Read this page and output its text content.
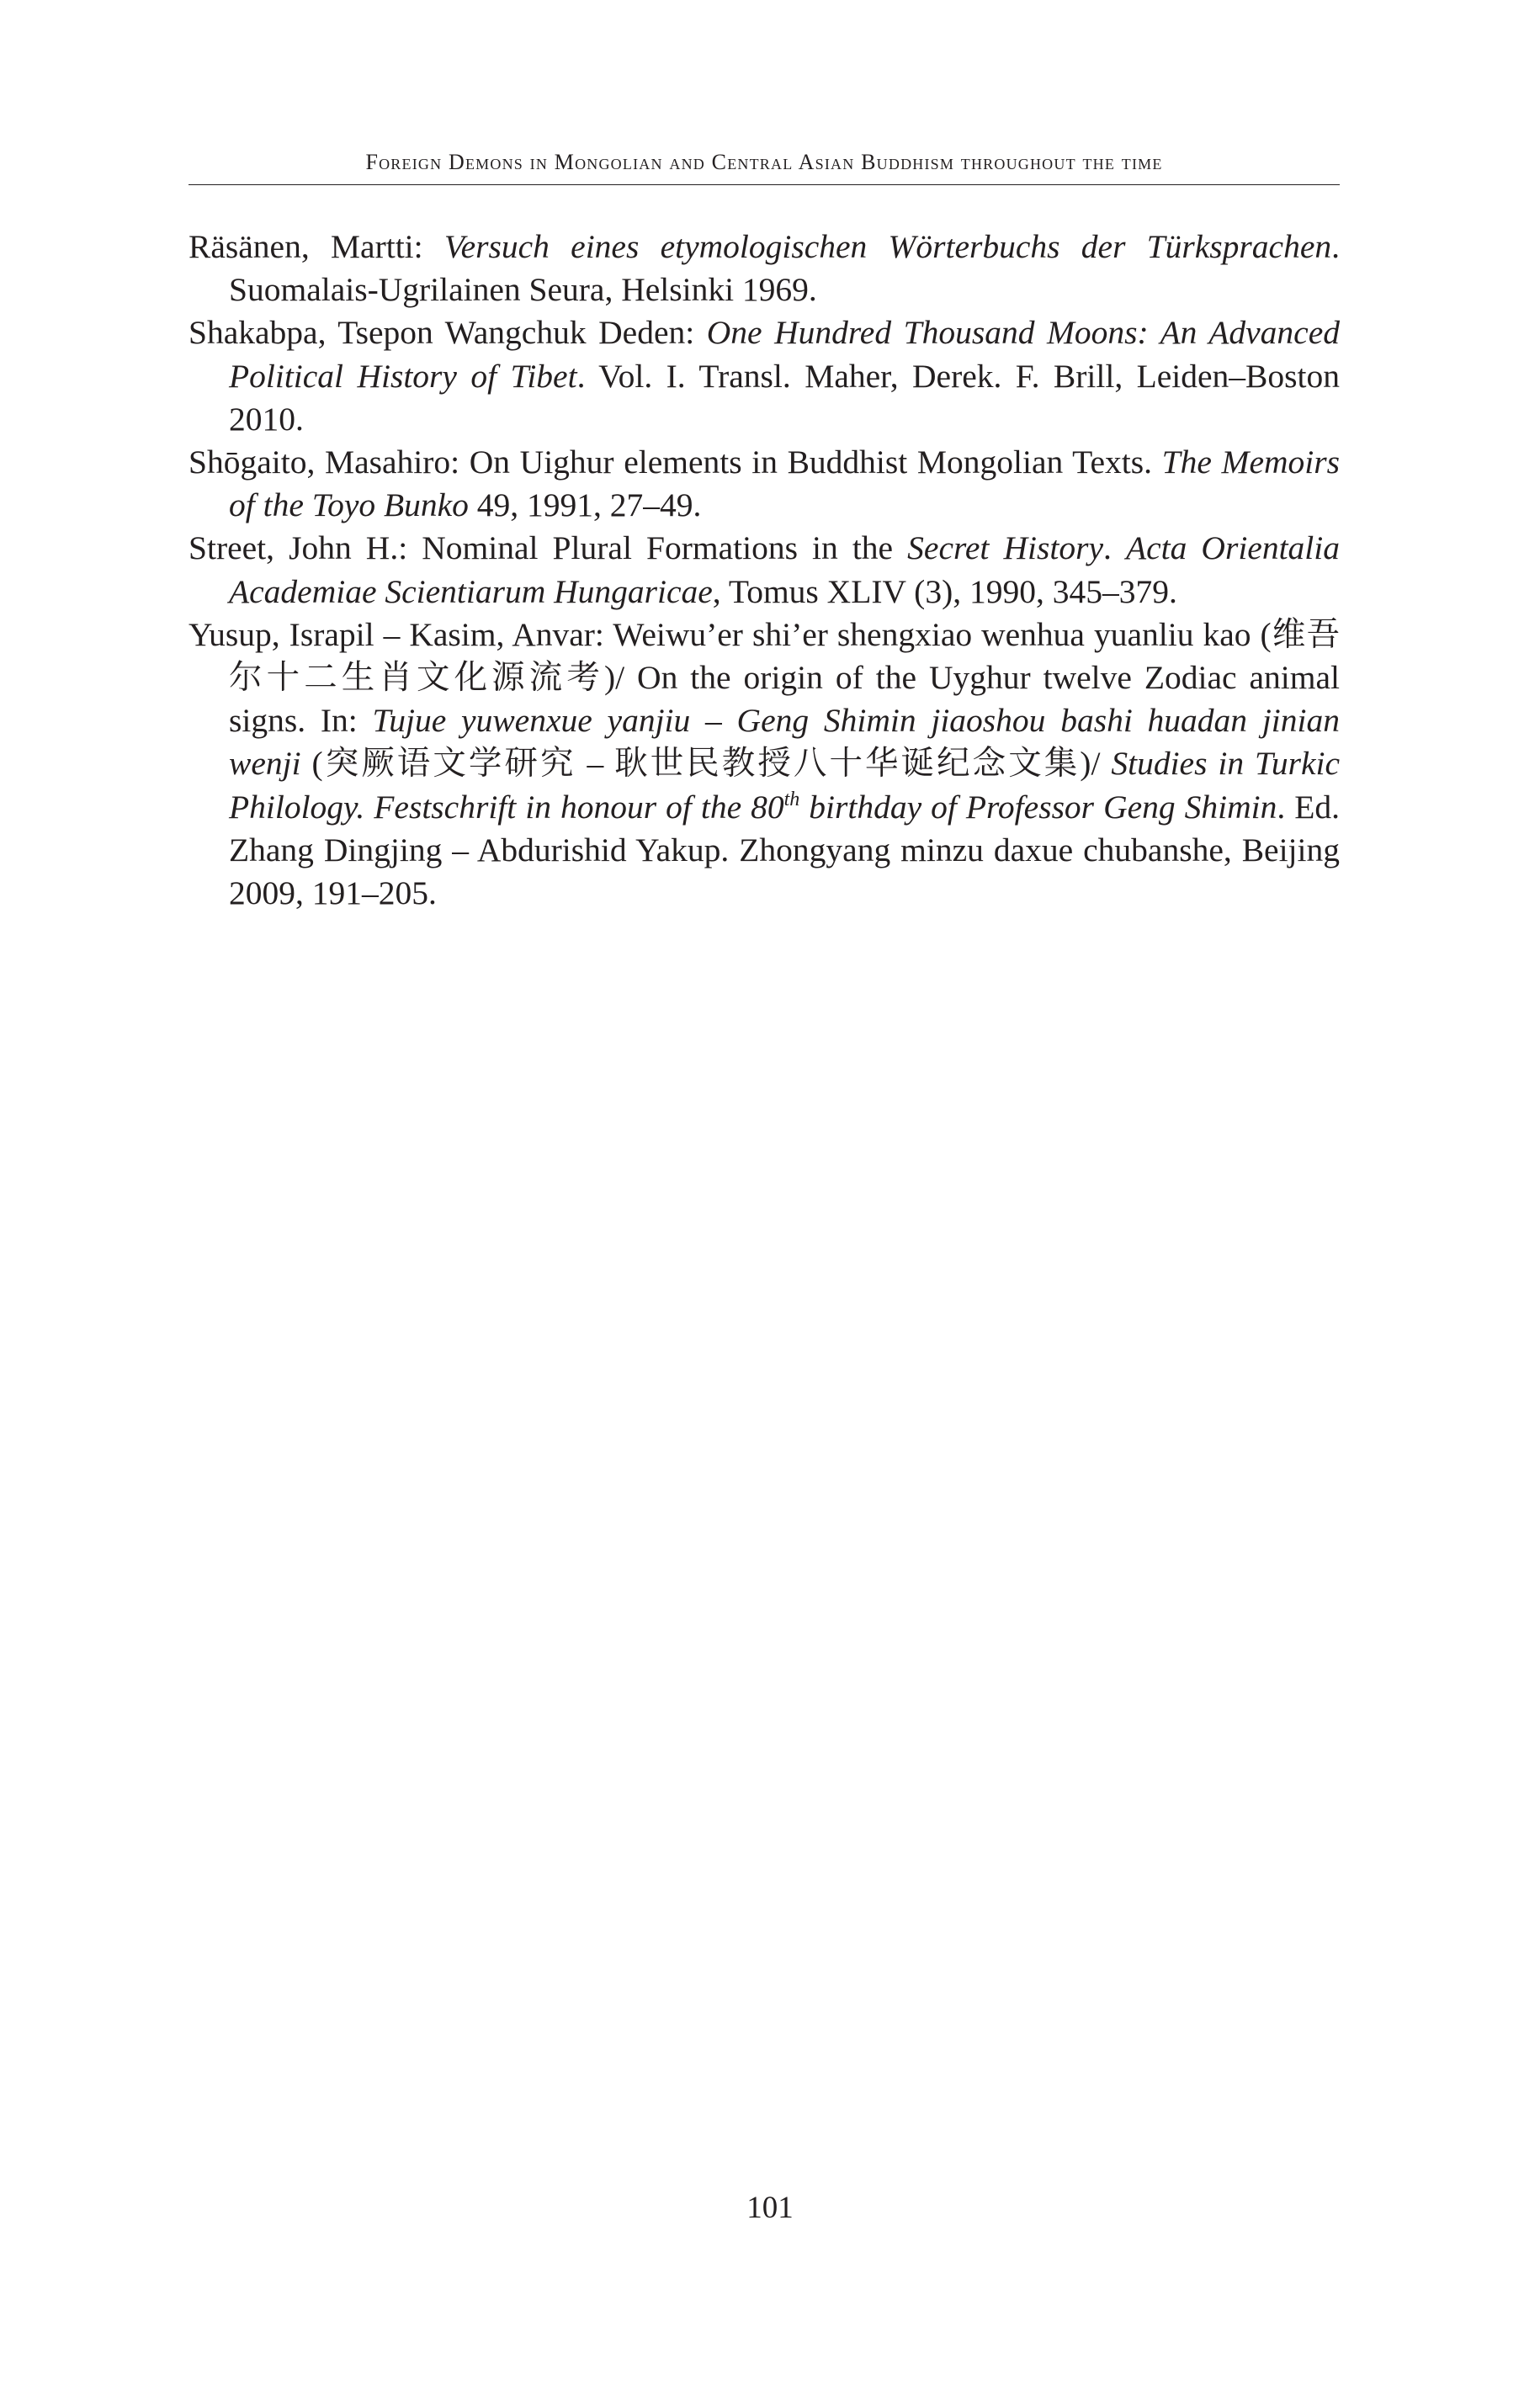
Foreign Demons in Mongolian and Central Asian Buddhism throughout the time
Räsänen, Martti: Versuch eines etymologischen Wörterbuchs der Türksprachen. Suomalais-Ugrilainen Seura, Helsinki 1969.
Shakabpa, Tsepon Wangchuk Deden: One Hundred Thousand Moons: An Advanced Political History of Tibet. Vol. I. Transl. Maher, Derek. F. Brill, Leiden–Boston 2010.
Shōgaito, Masahiro: On Uighur elements in Buddhist Mongolian Texts. The Memoirs of the Toyo Bunko 49, 1991, 27–49.
Street, John H.: Nominal Plural Formations in the Secret History. Acta Orientalia Academiae Scientiarum Hungaricae, Tomus XLIV (3), 1990, 345–379.
Yusup, Israpil – Kasim, Anvar: Weiwu’er shi’er shengxiao wenhua yuanliu kao (维吾尔十二生肖文化源流考)/ On the origin of the Uyghur twelve Zodiac animal signs. In: Tujue yuwenxue yanjiu – Geng Shimin jiaoshou bashi huadan jinian wenji (突厥语文学研究 – 耿世民教授八十华诞纪念文集)/ Studies in Turkic Philology. Festschrift in honour of the 80th birthday of Professor Geng Shimin. Ed. Zhang Dingjing – Abdurishid Yakup. Zhongyang minzu daxue chubanshe, Beijing 2009, 191–205.
101
